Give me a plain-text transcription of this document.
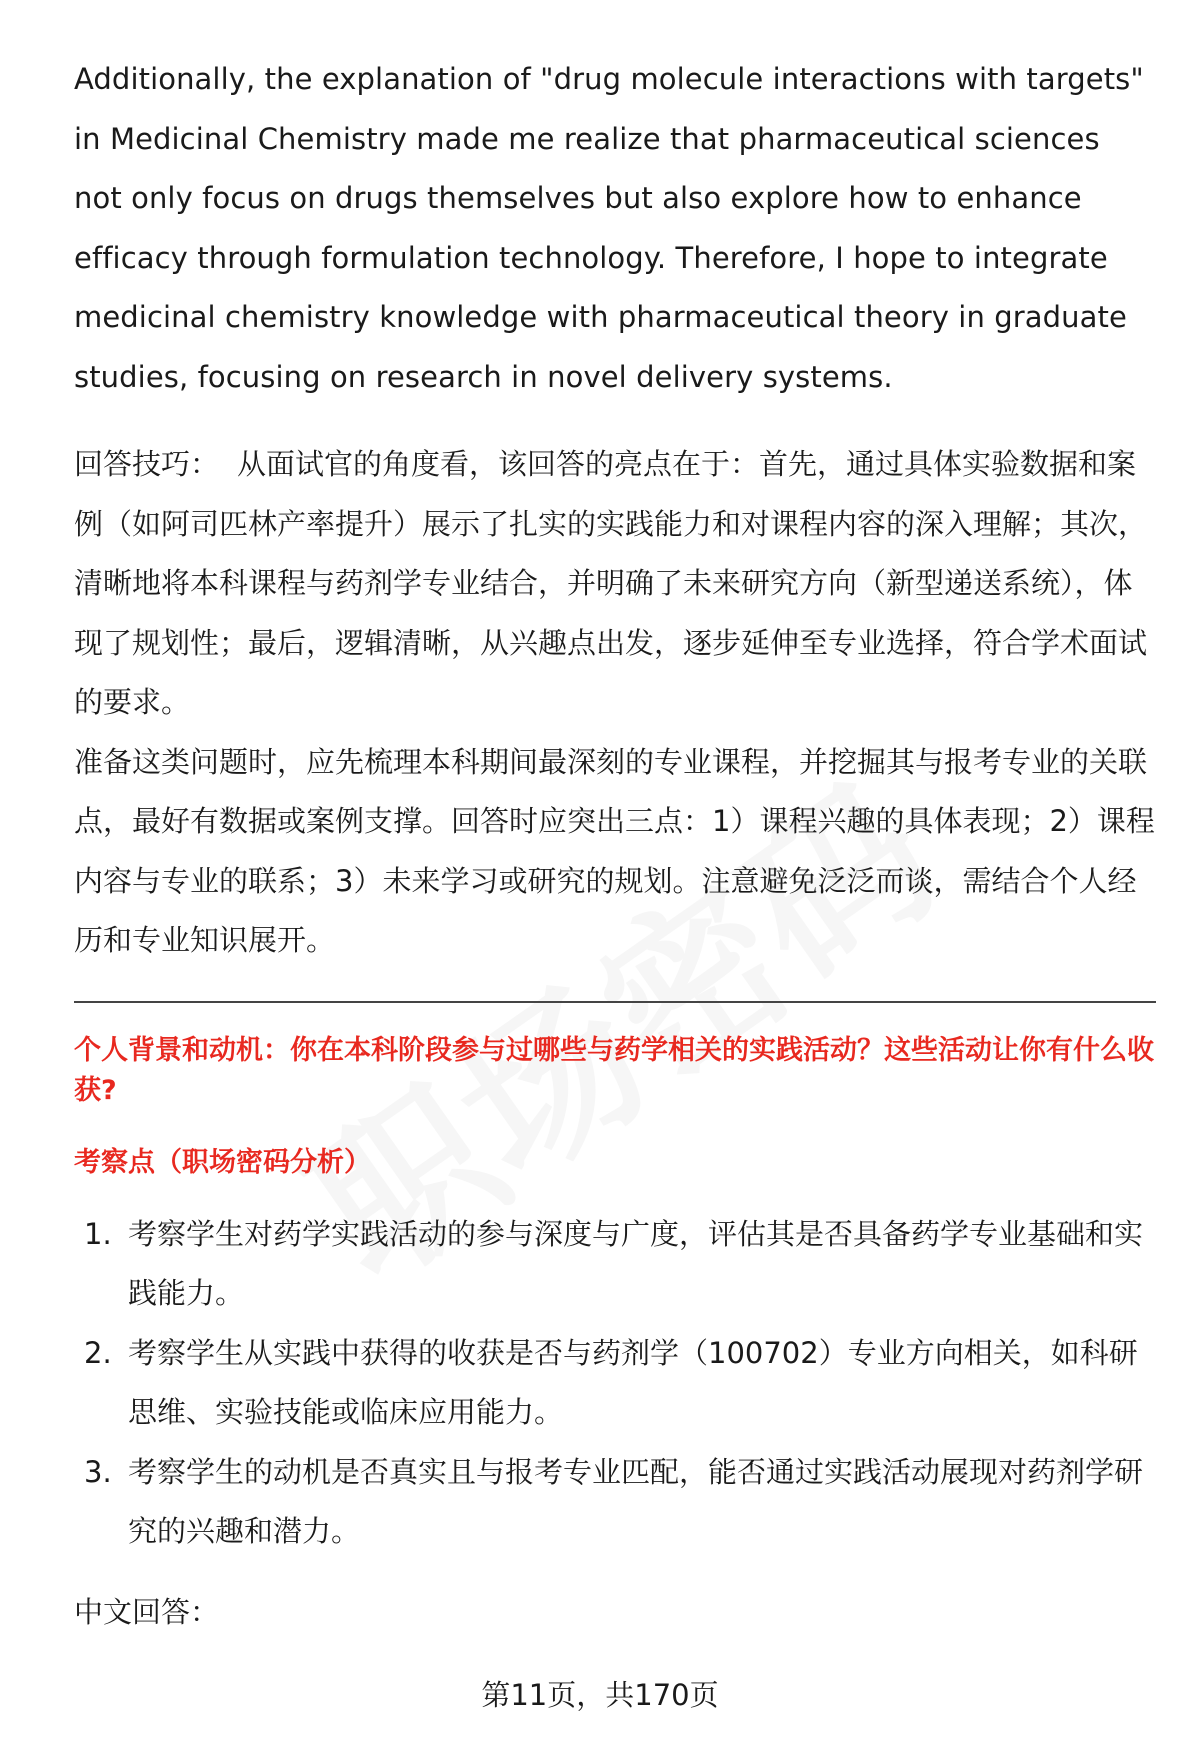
Additionally, the explanation of "drug molecule interactions with targets" in Medicinal Chemistry made me realize that pharmaceutical sciences not only focus on drugs themselves but also explore how to enhance efficacy through formulation technology. Therefore, I hope to integrate medicinal chemistry knowledge with pharmaceutical theory in graduate studies, focusing on research in novel delivery systems.

回答技巧： 从面试官的角度看，该回答的亮点在于：首先，通过具体实验数据和案例（如阿司匹林产率提升）展示了扎实的实践能力和对课程内容的深入理解；其次，清晰地将本科课程与药剂学专业结合，并明确了未来研究方向（新型递送系统），体现了规划性；最后，逻辑清晰，从兴趣点出发，逐步延伸至专业选择，符合学术面试的要求。

准备这类问题时，应先梳理本科期间最深刻的专业课程，并挖掘其与报考专业的关联点，最好有数据或案例支撑。回答时应突出三点：1）课程兴趣的具体表现；2）课程内容与专业的联系；3）未来学习或研究的规划。注意避免泛泛而谈，需结合个人经历和专业知识展开。

个人背景和动机：你在本科阶段参与过哪些与药学相关的实践活动？这些活动让你有什么收获?
考察点（职场密码分析）
1. 考察学生对药学实践活动的参与深度与广度，评估其是否具备药学专业基础和实践能力。
2. 考察学生从实践中获得的收获是否与药剂学（100702）专业方向相关，如科研思维、实验技能或临床应用能力。
3. 考察学生的动机是否真实且与报考专业匹配，能否通过实践活动展现对药剂学研究的兴趣和潜力。
中文回答：
第11页，共170页
